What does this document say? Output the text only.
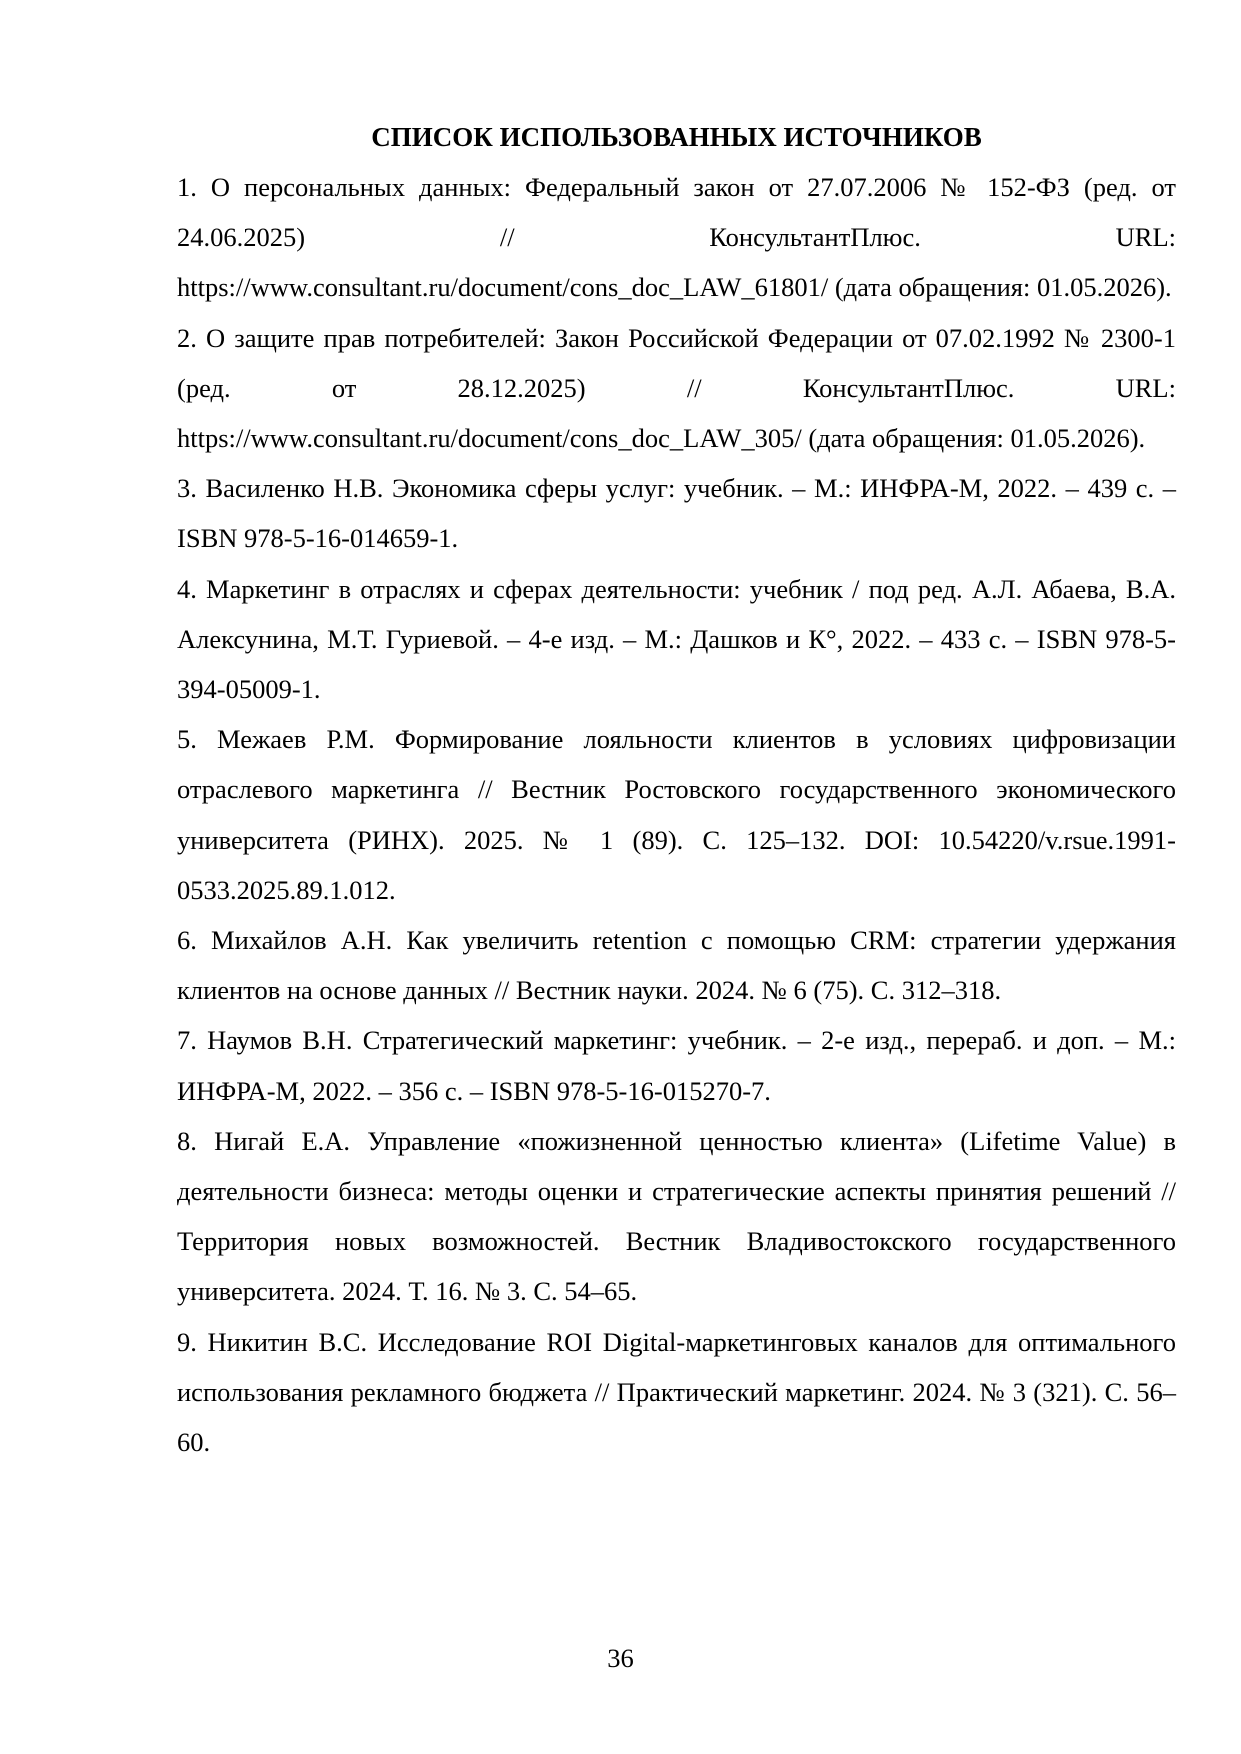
СПИСОК ИСПОЛЬЗОВАННЫХ ИСТОЧНИКОВ
1. О персональных данных: Федеральный закон от 27.07.2006 № 152-ФЗ (ред. от 24.06.2025) // КонсультантПлюс. URL: https://www.consultant.ru/document/cons_doc_LAW_61801/ (дата обращения: 01.05.2026).
2. О защите прав потребителей: Закон Российской Федерации от 07.02.1992 № 2300-1 (ред. от 28.12.2025) // КонсультантПлюс. URL: https://www.consultant.ru/document/cons_doc_LAW_305/ (дата обращения: 01.05.2026).
3. Василенко Н.В. Экономика сферы услуг: учебник. – М.: ИНФРА-М, 2022. – 439 с. – ISBN 978-5-16-014659-1.
4. Маркетинг в отраслях и сферах деятельности: учебник / под ред. А.Л. Абаева, В.А. Алексунина, М.Т. Гуриевой. – 4-е изд. – М.: Дашков и К°, 2022. – 433 с. – ISBN 978-5-394-05009-1.
5. Межаев Р.М. Формирование лояльности клиентов в условиях цифровизации отраслевого маркетинга // Вестник Ростовского государственного экономического университета (РИНХ). 2025. № 1 (89). С. 125–132. DOI: 10.54220/v.rsue.1991-0533.2025.89.1.012.
6. Михайлов А.Н. Как увеличить retention с помощью CRM: стратегии удержания клиентов на основе данных // Вестник науки. 2024. № 6 (75). С. 312–318.
7. Наумов В.Н. Стратегический маркетинг: учебник. – 2-е изд., перераб. и доп. – М.: ИНФРА-М, 2022. – 356 с. – ISBN 978-5-16-015270-7.
8. Нигай Е.А. Управление «пожизненной ценностью клиента» (Lifetime Value) в деятельности бизнеса: методы оценки и стратегические аспекты принятия решений // Территория новых возможностей. Вестник Владивостокского государственного университета. 2024. Т. 16. № 3. С. 54–65.
9. Никитин В.С. Исследование ROI Digital-маркетинговых каналов для оптимального использования рекламного бюджета // Практический маркетинг. 2024. № 3 (321). С. 56–60.
36
